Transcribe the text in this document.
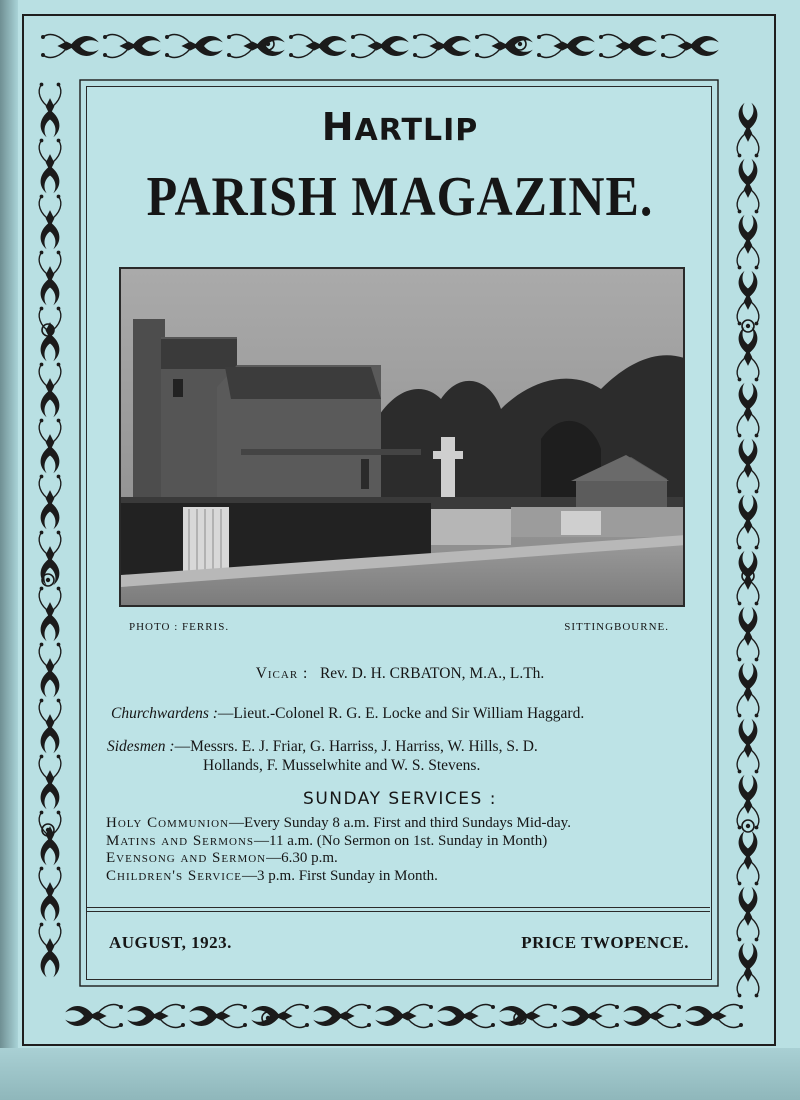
HARTLIP
PARISH MAGAZINE.
PHOTO : FERRIS.	SITTINGBOURNE.
Vicar : Rev. D. H. CRBATON, M.A., L.Th.
Churchwardens :—Lieut.-Colonel R. G. E. Locke and Sir William Haggard.
Sidesmen :—Messrs. E. J. Friar, G. Harriss, J. Harriss, W. Hills, S. D.
Hollands, F. Musselwhite and W. S. Stevens.
SUNDAY SERVICES :
Holy Communion—Every Sunday 8 a.m. First and third Sundays Mid-day.
Matins and Sermons—11 a.m. (No Sermon on 1st. Sunday in Month)
Evensong and Sermon—6.30 p.m.
Children's Service—3 p.m. First Sunday in Month.
AUGUST, 1923.	PRICE TWOPENCE.
